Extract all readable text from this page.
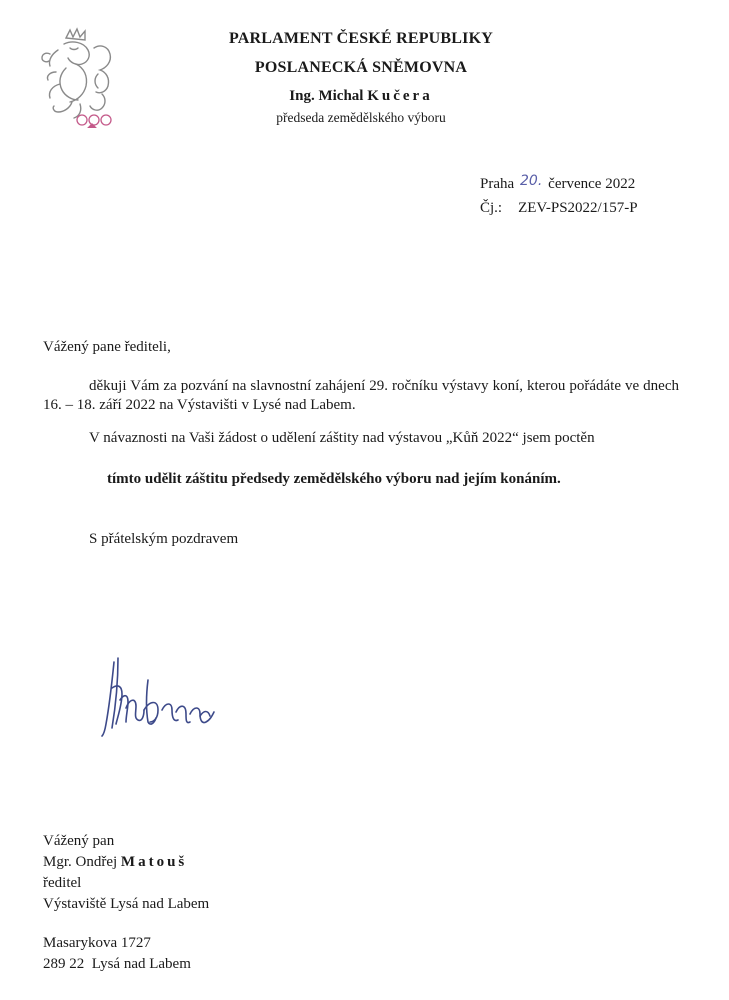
PARLAMENT ČESKÉ REPUBLIKY
POSLANECKÁ SNĚMOVNA
Ing. Michal Kučera
předseda zemědělského výboru
Praha 20. července 2022
Čj.: ZEV-PS2022/157-P
Vážený pane řediteli,
děkuji Vám za pozvání na slavnostní zahájení 29. ročníku výstavy koní, kterou pořádáte ve dnech 16. – 18. září 2022 na Výstavišti v Lysé nad Labem.
V návaznosti na Vaši žádost o udělení záštity nad výstavou „Kůň 2022“ jsem poctěn
tímto udělit záštitu předsedy zemědělského výboru nad jejím konáním.
S přátelským pozdravem
Vážený pan
Mgr. Ondřej Matouš
ředitel
Výstaviště Lysá nad Labem
Masarykova 1727
289 22 Lysá nad Labem
